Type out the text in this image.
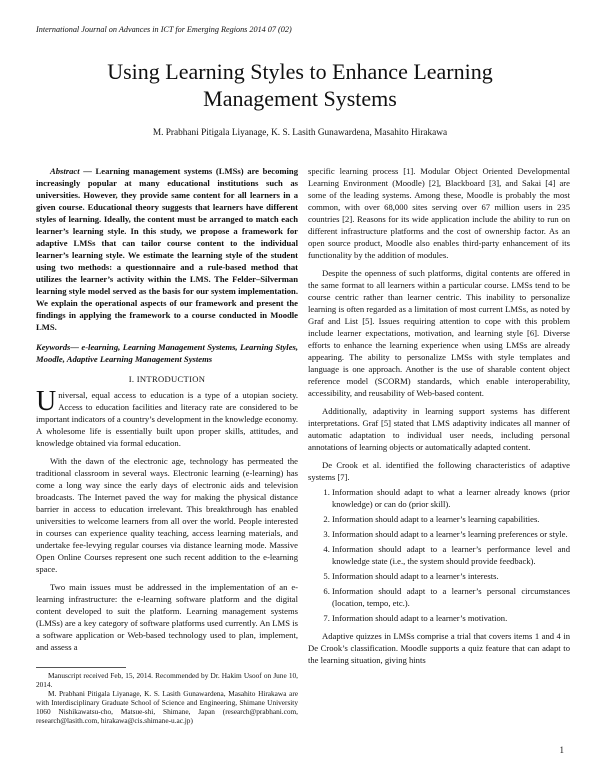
International Journal on Advances in ICT for Emerging Regions 2014 07 (02)
Using Learning Styles to Enhance Learning Management Systems
M. Prabhani Pitigala Liyanage, K. S. Lasith Gunawardena, Masahito Hirakawa

Abstract — Learning management systems (LMSs) are becoming increasingly popular at many educational institutions such as universities. However, they provide same content for all learners in a given course. Educational theory suggests that learners have different styles of learning. Ideally, the content must be arranged to match each learner’s learning style. In this study, we propose a framework for adaptive LMSs that can tailor course content to the individual learner’s learning style. We estimate the learning style of the student using two methods: a questionnaire and a rule-based method that utilizes the learner’s activity within the LMS. The Felder–Silverman learning style model served as the basis for our system implementation. We explain the operational aspects of our framework and present the findings in applying the framework to a course conducted in Moodle LMS.

Keywords— e-learning, Learning Management Systems, Learning Styles, Moodle, Adaptive Learning Management Systems

I. INTRODUCTION

Universal, equal access to education is a type of a utopian society. Access to education facilities and literacy rate are considered to be important indicators of a country’s development in the knowledge economy. A wholesome life is essentially built upon proper skills, attitudes, and knowledge obtained via formal education.

With the dawn of the electronic age, technology has permeated the traditional classroom in several ways. Electronic learning (e-learning) has come a long way since the early days of electronic aids and television broadcasts. The Internet paved the way for making the physical distance barrier in access to education irrelevant. This breakthrough has enabled universities to welcome learners from all over the world. People interested in courses can experience quality teaching, access learning materials, and undertake fee-levying regular courses via distance learning mode. Massive Open Online Courses represent one such recent addition to the e-learning space.

Two main issues must be addressed in the implementation of an e-learning infrastructure: the e-learning software platform and the digital content developed to suit the platform. Learning management systems (LMSs) are a key category of software platforms used currently. An LMS is a software application or Web-based technology used to plan, implement, and assess a

Manuscript received Feb, 15, 2014. Recommended by Dr. Hakim Usoof on June 10, 2014.

M. Prabhani Pitigala Liyanage, K. S. Lasith Gunawardena, Masahito Hirakawa are with Interdisciplinary Graduate School of Science and Engineering, Shimane University 1060 Nishikawatsu-cho, Matsue-shi, Shimane, Japan (research@prabhani.com, research@lasith.com, hirakawa@cis.shimane-u.ac.jp)

specific learning process [1]. Modular Object Oriented Developmental Learning Environment (Moodle) [2], Blackboard [3], and Sakai [4] are some of the leading systems. Among these, Moodle is probably the most common, with over 68,000 sites serving over 67 million users in 235 countries [2]. Reasons for its wide application include the ability to run on different infrastructure platforms and the cost of ownership factor. As an open source product, Moodle also enables third-party enhancement of its functionality by the addition of modules.

Despite the openness of such platforms, digital contents are offered in the same format to all learners within a particular course. LMSs tend to be course centric rather than learner centric. This inability to personalize learning is often regarded as a limitation of most current LMSs, as noted by Graf and List [5]. Issues requiring attention to cope with this problem include learner expectations, motivation, and learning style [6]. Diverse efforts to enhance the learning experience when using LMSs are already appearing. The ability to personalize LMSs with style templates and language is one approach. Another is the use of sharable content object reference model (SCORM) standards, which enable interoperability, accessibility, and reusability of Web-based content.

Additionally, adaptivity in learning support systems has different interpretations. Graf [5] stated that LMS adaptivity indicates all manner of automatic adaptation to individual user needs, including personal annotations of learning objects or automatically adapted content.

De Crook et al. identified the following characteristics of adaptive systems [7].

1. Information should adapt to what a learner already knows (prior knowledge) or can do (prior skill).
2. Information should adapt to a learner’s learning capabilities.
3. Information should adapt to a learner’s learning preferences or style.
4. Information should adapt to a learner’s performance level and knowledge state (i.e., the system should provide feedback).
5. Information should adapt to a learner’s interests.
6. Information should adapt to a learner’s personal circumstances (location, tempo, etc.).
7. Information should adapt to a learner’s motivation.

Adaptive quizzes in LMSs comprise a trial that covers items 1 and 4 in De Crook’s classification. Moodle supports a quiz feature that can adapt to the learning situation, giving hints

1
